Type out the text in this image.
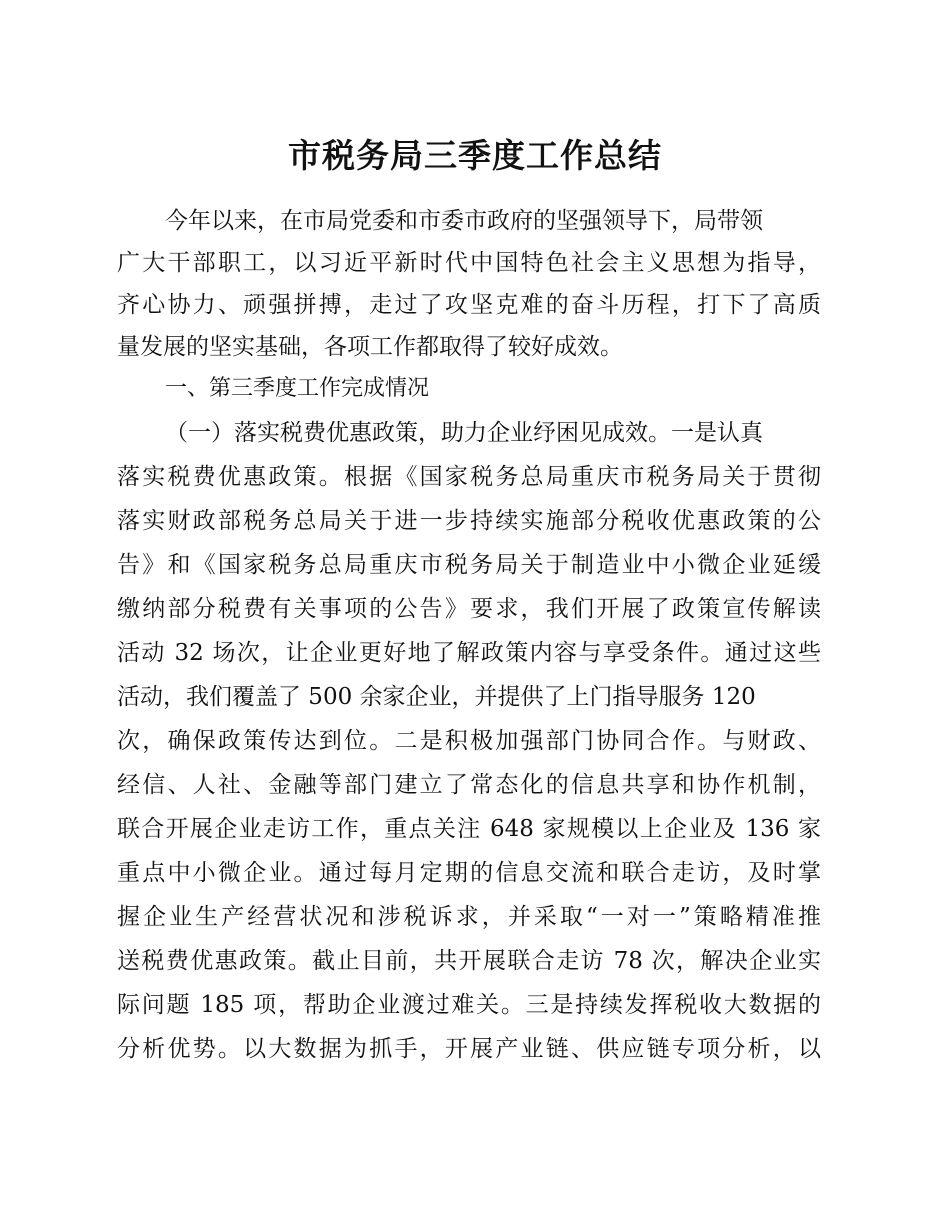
市税务局三季度工作总结

今年以来，在市局党委和市委市政府的坚强领导下，局带领

广大干部职工，以习近平新时代中国特色社会主义思想为指导，

齐心协力、顽强拼搏，走过了攻坚克难的奋斗历程，打下了高质

量发展的坚实基础，各项工作都取得了较好成效。

一、第三季度工作完成情况

（一）落实税费优惠政策，助力企业纾困见成效。一是认真

落实税费优惠政策。根据《国家税务总局重庆市税务局关于贯彻

落实财政部税务总局关于进一步持续实施部分税收优惠政策的公

告》和《国家税务总局重庆市税务局关于制造业中小微企业延缓

缴纳部分税费有关事项的公告》要求，我们开展了政策宣传解读

活动 32 场次，让企业更好地了解政策内容与享受条件。通过这些

活动，我们覆盖了 500 余家企业，并提供了上门指导服务 120

次，确保政策传达到位。二是积极加强部门协同合作。与财政、

经信、人社、金融等部门建立了常态化的信息共享和协作机制，

联合开展企业走访工作，重点关注 648 家规模以上企业及 136 家

重点中小微企业。通过每月定期的信息交流和联合走访，及时掌

握企业生产经营状况和涉税诉求，并采取“一对一”策略精准推

送税费优惠政策。截止目前，共开展联合走访 78 次，解决企业实

际问题 185 项，帮助企业渡过难关。三是持续发挥税收大数据的

分析优势。以大数据为抓手，开展产业链、供应链专项分析，以
